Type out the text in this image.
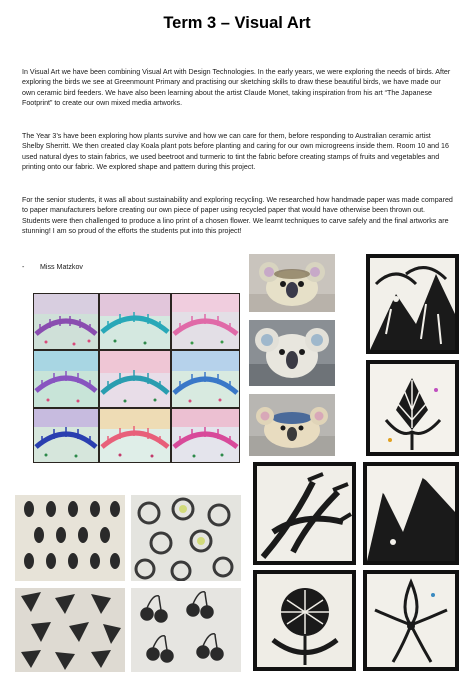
Term 3 – Visual Art

In Visual Art we have been combining Visual Art with Design Technologies. In the early years, we were exploring the needs of birds. After exploring the birds we see at Greenmount Primary and practising our sketching skills to draw these beautiful birds, we have made our own ceramic bird feeders. We have also been learning about the artist Claude Monet, taking inspiration from his art “The Japanese Footprint” to create our own mixed media artworks.

The Year 3’s have been exploring how plants survive and how we can care for them, before responding to Australian ceramic artist Shelby Sherritt. We then created clay Koala plant pots before planting and caring for our own microgreens inside them. Room 10 and 16 used natural dyes to stain fabrics, we used beetroot and turmeric to tint the fabric before creating stamps of fruits and vegetables and printing onto our fabric. We explored shape and pattern during this project.

For the senior students, it was all about sustainability and exploring recycling. We researched how handmade paper was made compared to paper manufacturers before creating our own piece of paper using recycled paper that would have otherwise been thrown out. Students were then challenged to produce a lino print of a chosen flower. We learnt techniques to carve safely and the final artworks are stunning! I am so proud of the efforts the students put into this project!

- Miss Matzkov
